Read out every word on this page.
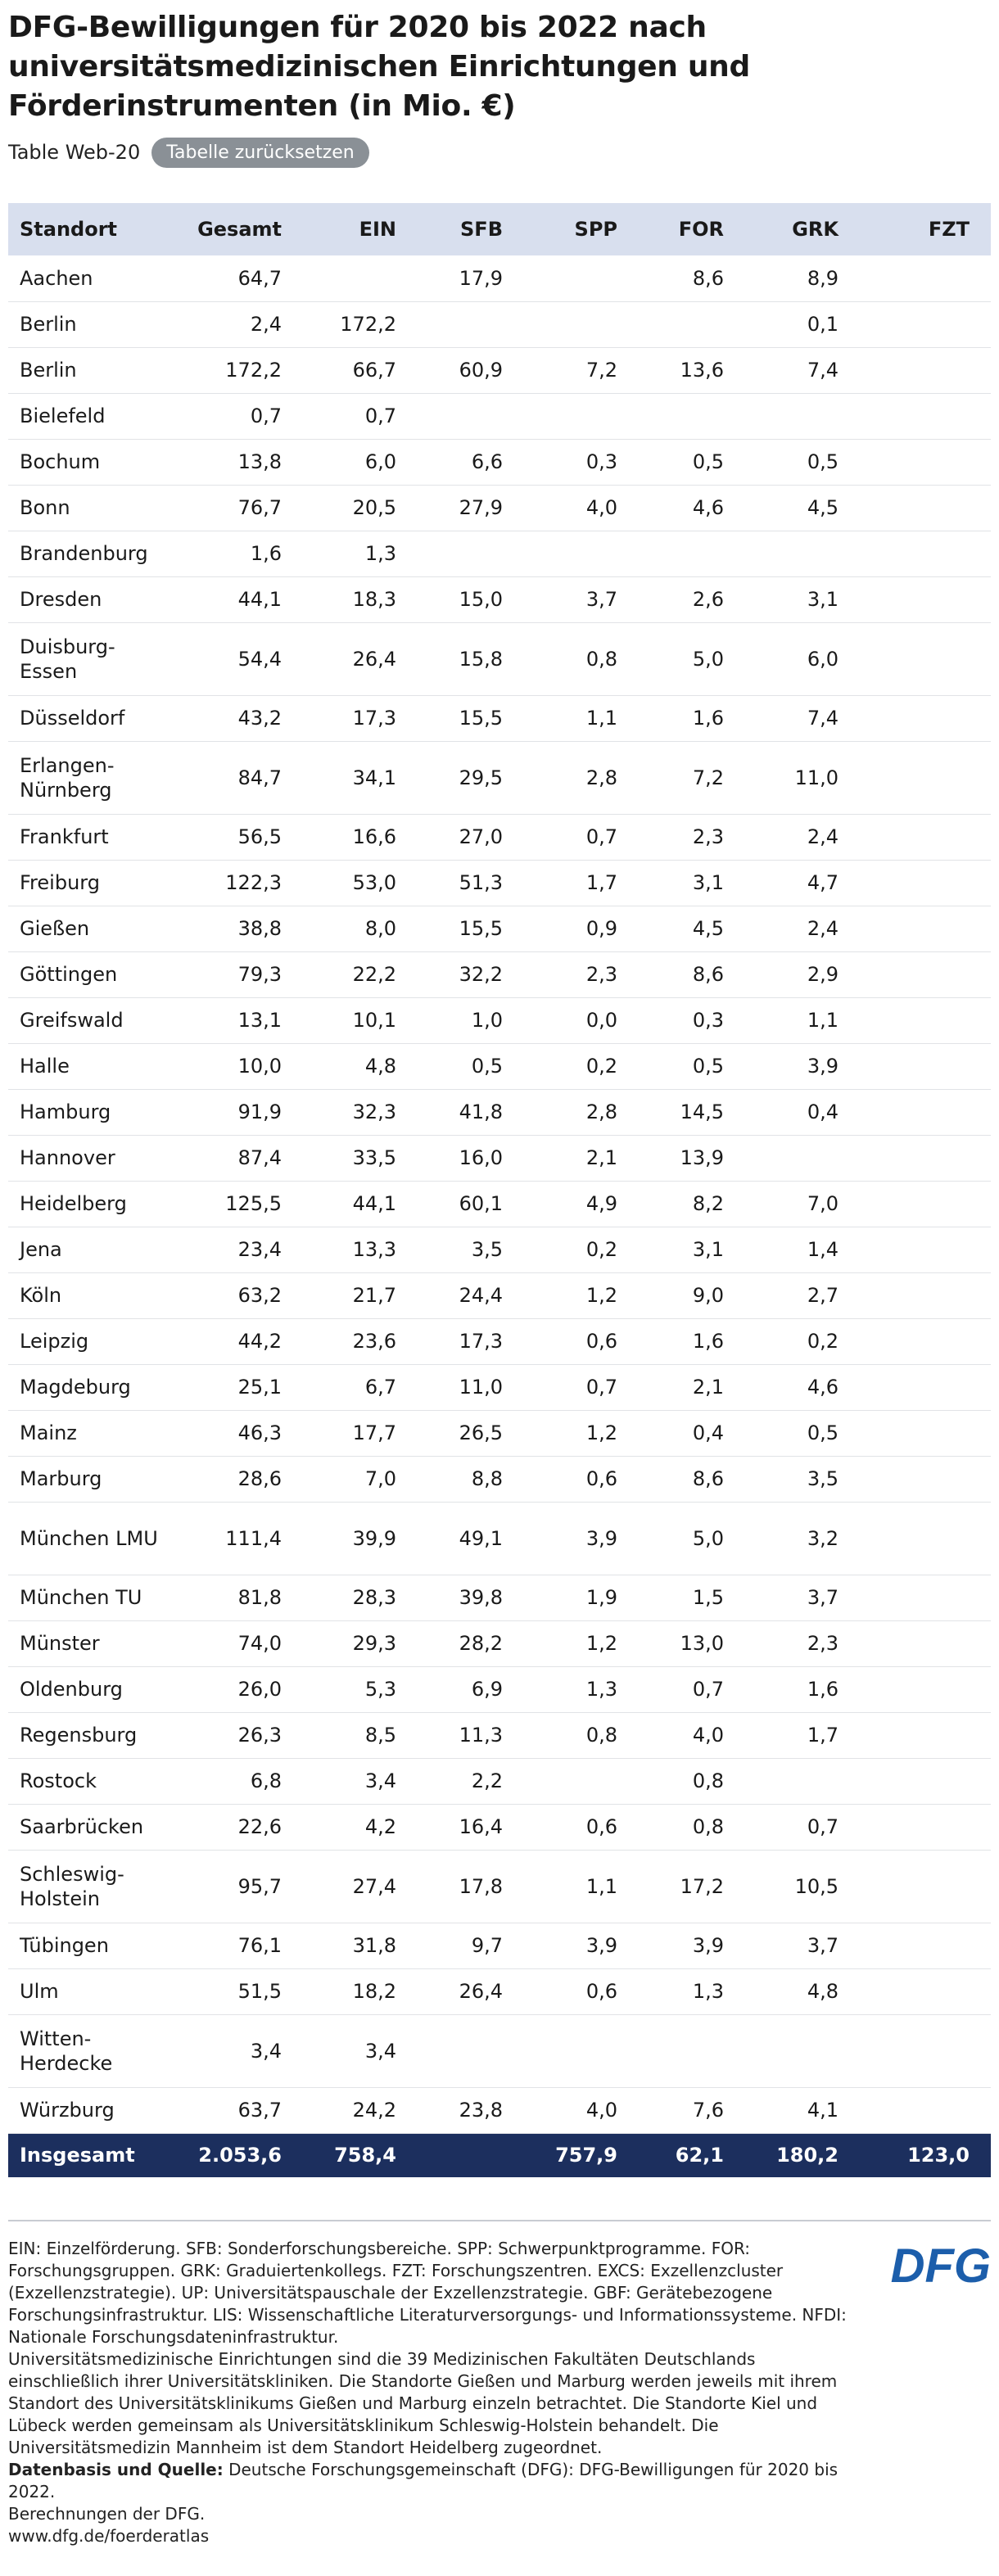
DFG-Bewilligungen für 2020 bis 2022 nach universitätsmedizinischen Einrichtungen und Förderinstrumenten (in Mio. €)
Table Web-20	Tabelle zurücksetzen
Standort	Gesamt	EIN	SFB	SPP	FOR	GRK	FZT
Aachen	64,7		17,9		8,6	8,9	
Berlin	2,4	172,2				0,1	
Berlin	172,2	66,7	60,9	7,2	13,6	7,4	
Bielefeld	0,7	0,7					
Bochum	13,8	6,0	6,6	0,3	0,5	0,5	
Bonn	76,7	20,5	27,9	4,0	4,6	4,5	
Brandenburg	1,6	1,3					
Dresden	44,1	18,3	15,0	3,7	2,6	3,1	
Duisburg-Essen	54,4	26,4	15,8	0,8	5,0	6,0	
Düsseldorf	43,2	17,3	15,5	1,1	1,6	7,4	
Erlangen-Nürnberg	84,7	34,1	29,5	2,8	7,2	11,0	
Frankfurt	56,5	16,6	27,0	0,7	2,3	2,4	
Freiburg	122,3	53,0	51,3	1,7	3,1	4,7	
Gießen	38,8	8,0	15,5	0,9	4,5	2,4	
Göttingen	79,3	22,2	32,2	2,3	8,6	2,9	
Greifswald	13,1	10,1	1,0	0,0	0,3	1,1	
Halle	10,0	4,8	0,5	0,2	0,5	3,9	
Hamburg	91,9	32,3	41,8	2,8	14,5	0,4	
Hannover	87,4	33,5	16,0	2,1	13,9		
Heidelberg	125,5	44,1	60,1	4,9	8,2	7,0	
Jena	23,4	13,3	3,5	0,2	3,1	1,4	
Köln	63,2	21,7	24,4	1,2	9,0	2,7	
Leipzig	44,2	23,6	17,3	0,6	1,6	0,2	
Magdeburg	25,1	6,7	11,0	0,7	2,1	4,6	
Mainz	46,3	17,7	26,5	1,2	0,4	0,5	
Marburg	28,6	7,0	8,8	0,6	8,6	3,5	
München LMU	111,4	39,9	49,1	3,9	5,0	3,2	
München TU	81,8	28,3	39,8	1,9	1,5	3,7	
Münster	74,0	29,3	28,2	1,2	13,0	2,3	
Oldenburg	26,0	5,3	6,9	1,3	0,7	1,6	
Regensburg	26,3	8,5	11,3	0,8	4,0	1,7	
Rostock	6,8	3,4	2,2		0,8		
Saarbrücken	22,6	4,2	16,4	0,6	0,8	0,7	
Schleswig-Holstein	95,7	27,4	17,8	1,1	17,2	10,5	
Tübingen	76,1	31,8	9,7	3,9	3,9	3,7	
Ulm	51,5	18,2	26,4	0,6	1,3	4,8	
Witten-Herdecke	3,4	3,4					
Würzburg	63,7	24,2	23,8	4,0	7,6	4,1	
Insgesamt	2.053,6	758,4		757,9	62,1	180,2	123,0
DFG

EIN: Einzelförderung. SFB: Sonderforschungsbereiche. SPP: Schwerpunktprogramme. FOR: Forschungsgruppen. GRK: Graduiertenkollegs. FZT: Forschungszentren. EXCS: Exzellenzcluster (Exzellenzstrategie). UP: Universitätspauschale der Exzellenzstrategie. GBF: Gerätebezogene Forschungsinfrastruktur. LIS: Wissenschaftliche Literaturversorgungs- und Informationssysteme. NFDI: Nationale Forschungsdateninfrastruktur.

Universitätsmedizinische Einrichtungen sind die 39 Medizinischen Fakultäten Deutschlands einschließlich ihrer Universitätskliniken. Die Standorte Gießen und Marburg werden jeweils mit ihrem Standort des Universitätsklinikums Gießen und Marburg einzeln betrachtet. Die Standorte Kiel und Lübeck werden gemeinsam als Universitätsklinikum Schleswig-Holstein behandelt. Die Universitätsmedizin Mannheim ist dem Standort Heidelberg zugeordnet.

Datenbasis und Quelle: Deutsche Forschungsgemeinschaft (DFG): DFG-Bewilligungen für 2020 bis 2022.

Berechnungen der DFG.

www.dfg.de/foerderatlas
